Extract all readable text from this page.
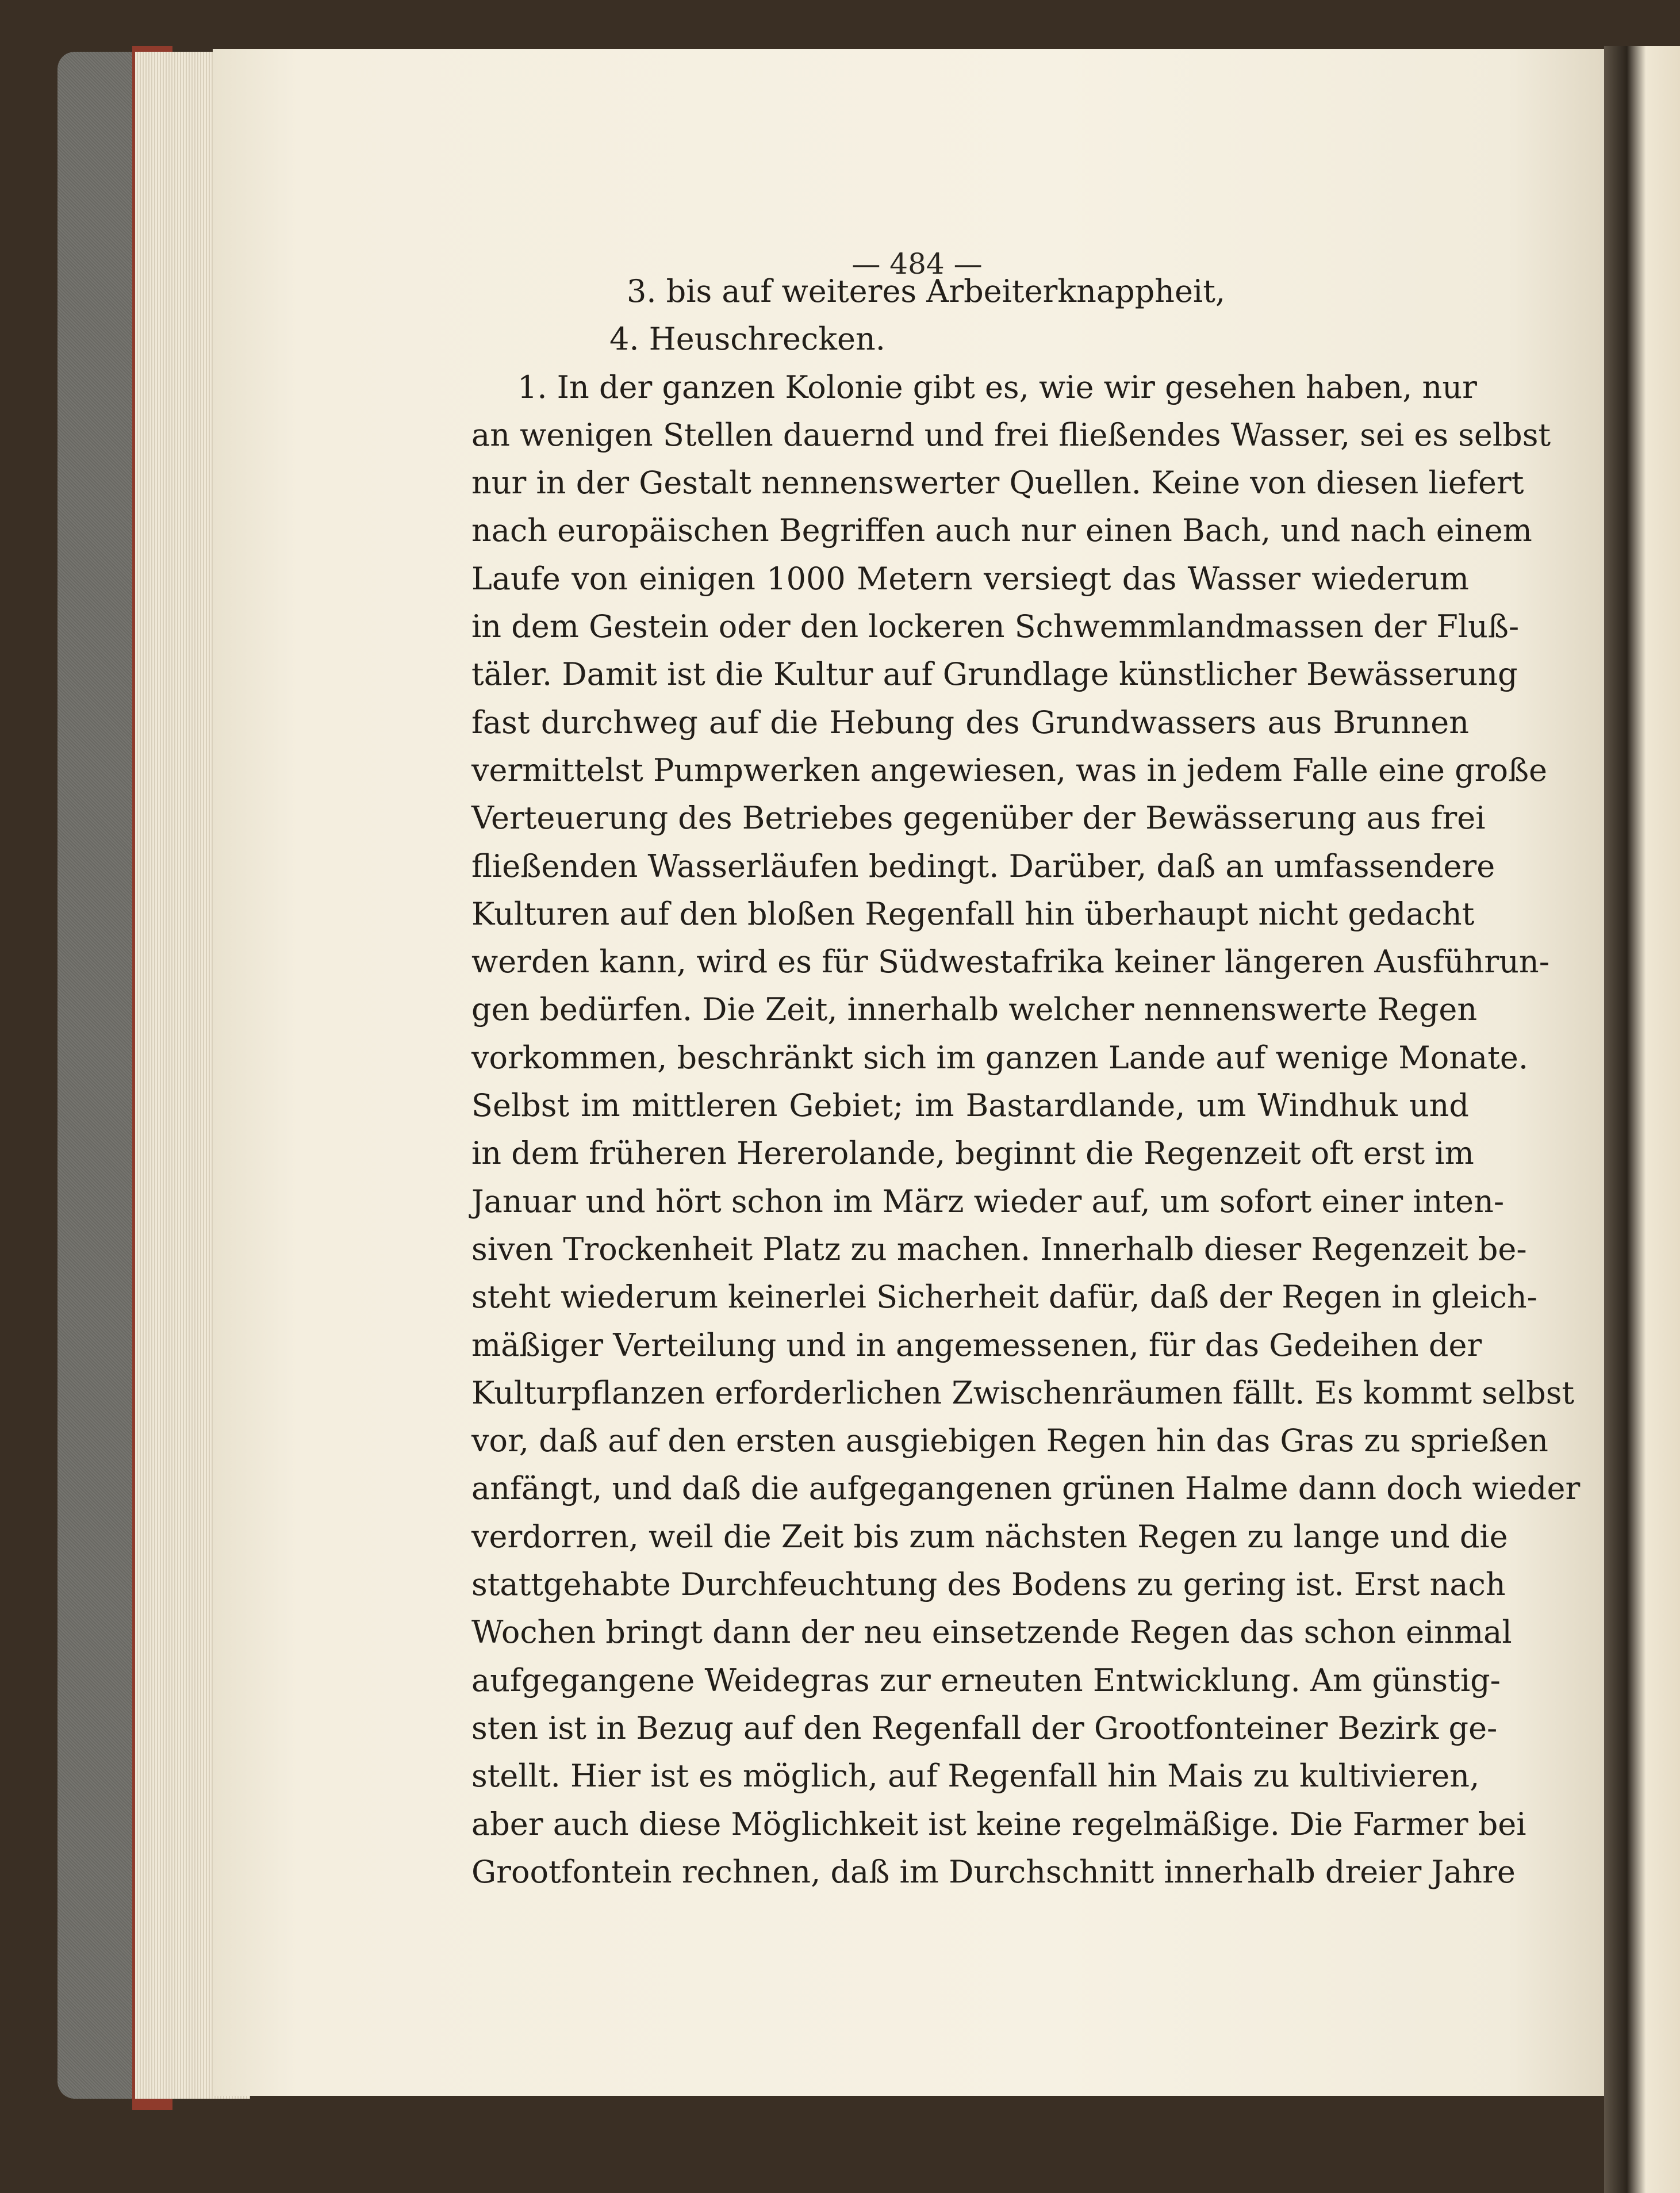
— 484 —
3. bis auf weiteres Arbeiterknappheit,
4. Heuschrecken.
1. In der ganzen Kolonie gibt es, wie wir gesehen haben, nur
an wenigen Stellen dauernd und frei fließendes Wasser, sei es selbst
nur in der Gestalt nennenswerter Quellen. Keine von diesen liefert
nach europäischen Begriffen auch nur einen Bach, und nach einem
Laufe von einigen 1000 Metern versiegt das Wasser wiederum
in dem Gestein oder den lockeren Schwemmlandmassen der Fluß-
täler. Damit ist die Kultur auf Grundlage künstlicher Bewässerung
fast durchweg auf die Hebung des Grundwassers aus Brunnen
vermittelst Pumpwerken angewiesen, was in jedem Falle eine große
Verteuerung des Betriebes gegenüber der Bewässerung aus frei
fließenden Wasserläufen bedingt. Darüber, daß an umfassendere
Kulturen auf den bloßen Regenfall hin überhaupt nicht gedacht
werden kann, wird es für Südwestafrika keiner längeren Ausführun-
gen bedürfen. Die Zeit, innerhalb welcher nennenswerte Regen
vorkommen, beschränkt sich im ganzen Lande auf wenige Monate.
Selbst im mittleren Gebiet; im Bastardlande, um Windhuk und
in dem früheren Hererolande, beginnt die Regenzeit oft erst im
Januar und hört schon im März wieder auf, um sofort einer inten-
siven Trockenheit Platz zu machen. Innerhalb dieser Regenzeit be-
steht wiederum keinerlei Sicherheit dafür, daß der Regen in gleich-
mäßiger Verteilung und in angemessenen, für das Gedeihen der
Kulturpflanzen erforderlichen Zwischenräumen fällt. Es kommt selbst
vor, daß auf den ersten ausgiebigen Regen hin das Gras zu sprießen
anfängt, und daß die aufgegangenen grünen Halme dann doch wieder
verdorren, weil die Zeit bis zum nächsten Regen zu lange und die
stattgehabte Durchfeuchtung des Bodens zu gering ist. Erst nach
Wochen bringt dann der neu einsetzende Regen das schon einmal
aufgegangene Weidegras zur erneuten Entwicklung. Am günstig-
sten ist in Bezug auf den Regenfall der Grootfonteiner Bezirk ge-
stellt. Hier ist es möglich, auf Regenfall hin Mais zu kultivieren,
aber auch diese Möglichkeit ist keine regelmäßige. Die Farmer bei
Grootfontein rechnen, daß im Durchschnitt innerhalb dreier Jahre
